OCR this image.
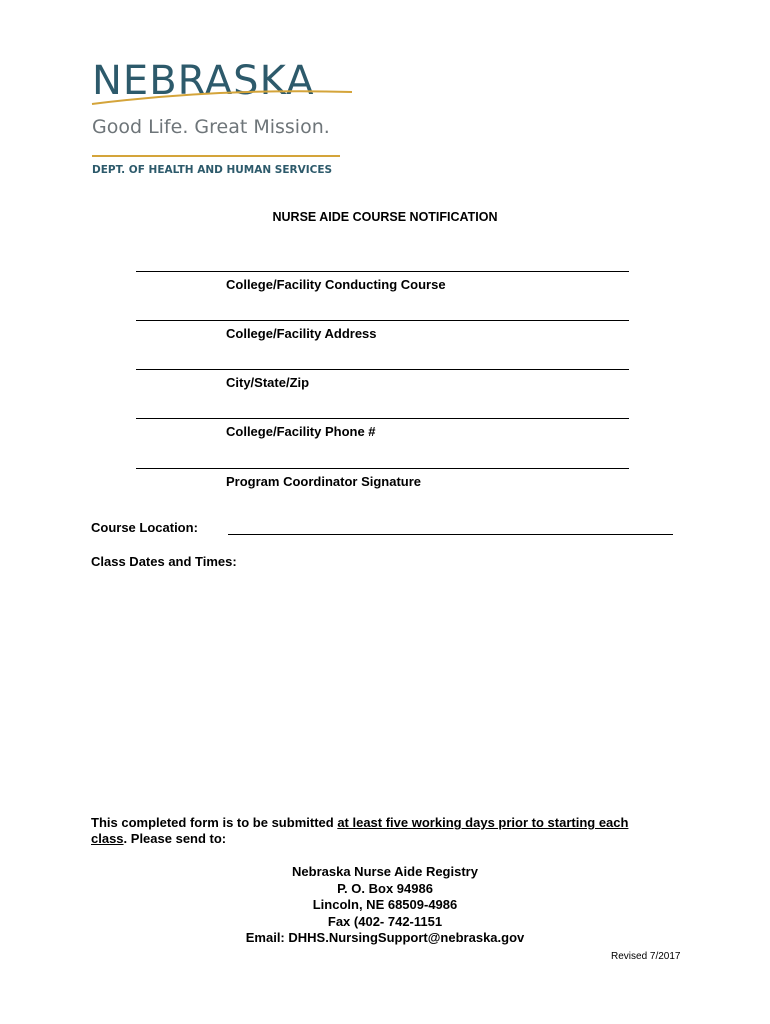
NEBRASKA
Good Life. Great Mission.
DEPT. OF HEALTH AND HUMAN SERVICES
NURSE AIDE COURSE NOTIFICATION
College/Facility Conducting Course
College/Facility Address
City/State/Zip
College/Facility Phone #
Program Coordinator Signature
Course Location:
Class Dates and Times:
This completed form is to be submitted at least five working days prior to starting each
class. Please send to:
Nebraska Nurse Aide Registry
P. O. Box 94986
Lincoln, NE 68509-4986
Fax (402- 742-1151
Email: DHHS.NursingSupport@nebraska.gov
Revised 7/2017
